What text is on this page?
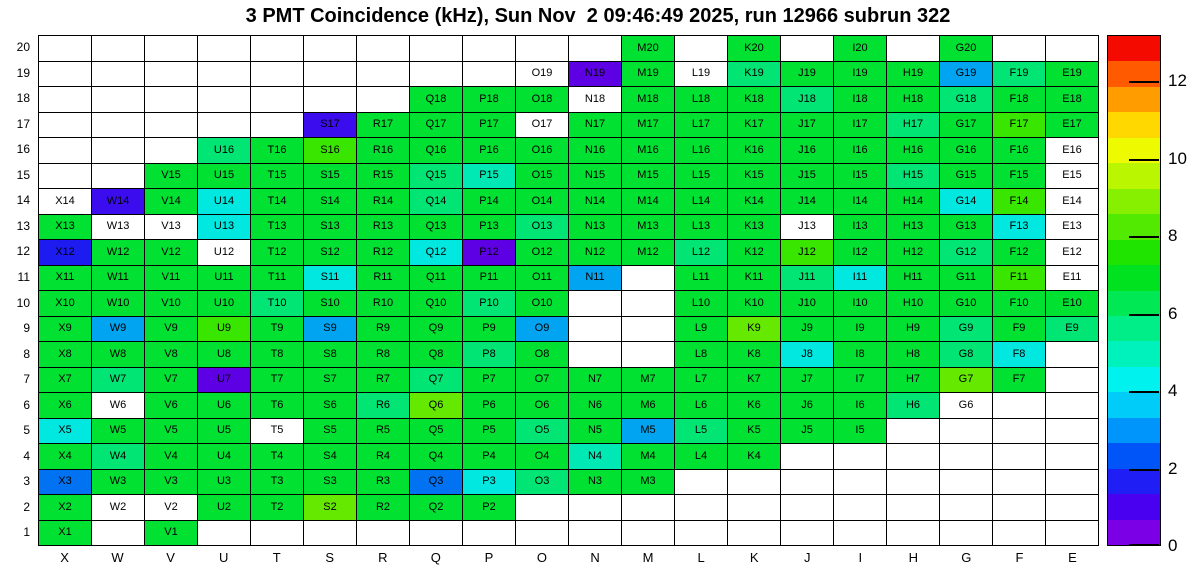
3 PMT Coincidence (kHz), Sun Nov  2 09:46:49 2025, run 12966 subrun 322
20
19
18
17
16
15
14
13
12
11
10
9
8
7
6
5
4
3
2
1
M20	K20	I20	G20
O19	N19	M19	L19	K19	J19	I19	H19	G19	F19	E19
Q18	P18	O18	N18	M18	L18	K18	J18	I18	H18	G18	F18	E18
S17	R17	Q17	P17	O17	N17	M17	L17	K17	J17	I17	H17	G17	F17	E17
U16	T16	S16	R16	Q16	P16	O16	N16	M16	L16	K16	J16	I16	H16	G16	F16	E16
V15	U15	T15	S15	R15	Q15	P15	O15	N15	M15	L15	K15	J15	I15	H15	G15	F15	E15
X14	W14	V14	U14	T14	S14	R14	Q14	P14	O14	N14	M14	L14	K14	J14	I14	H14	G14	F14	E14
X13	W13	V13	U13	T13	S13	R13	Q13	P13	O13	N13	M13	L13	K13	J13	I13	H13	G13	F13	E13
X12	W12	V12	U12	T12	S12	R12	Q12	P12	O12	N12	M12	L12	K12	J12	I12	H12	G12	F12	E12
X11	W11	V11	U11	T11	S11	R11	Q11	P11	O11	N11	L11	K11	J11	I11	H11	G11	F11	E11
X10	W10	V10	U10	T10	S10	R10	Q10	P10	O10	L10	K10	J10	I10	H10	G10	F10	E10
X9	W9	V9	U9	T9	S9	R9	Q9	P9	O9	L9	K9	J9	I9	H9	G9	F9	E9
X8	W8	V8	U8	T8	S8	R8	Q8	P8	O8	L8	K8	J8	I8	H8	G8	F8
X7	W7	V7	U7	T7	S7	R7	Q7	P7	O7	N7	M7	L7	K7	J7	I7	H7	G7	F7
X6	W6	V6	U6	T6	S6	R6	Q6	P6	O6	N6	M6	L6	K6	J6	I6	H6	G6
X5	W5	V5	U5	T5	S5	R5	Q5	P5	O5	N5	M5	L5	K5	J5	I5
X4	W4	V4	U4	T4	S4	R4	Q4	P4	O4	N4	M4	L4	K4
X3	W3	V3	U3	T3	S3	R3	Q3	P3	O3	N3	M3
X2	W2	V2	U2	T2	S2	R2	Q2	P2
X1	V1
X	W	V	U	T	S	R	Q	P	O	N	M	L	K	J	I	H	G	F	E
0
2
4
6
8
10
12
